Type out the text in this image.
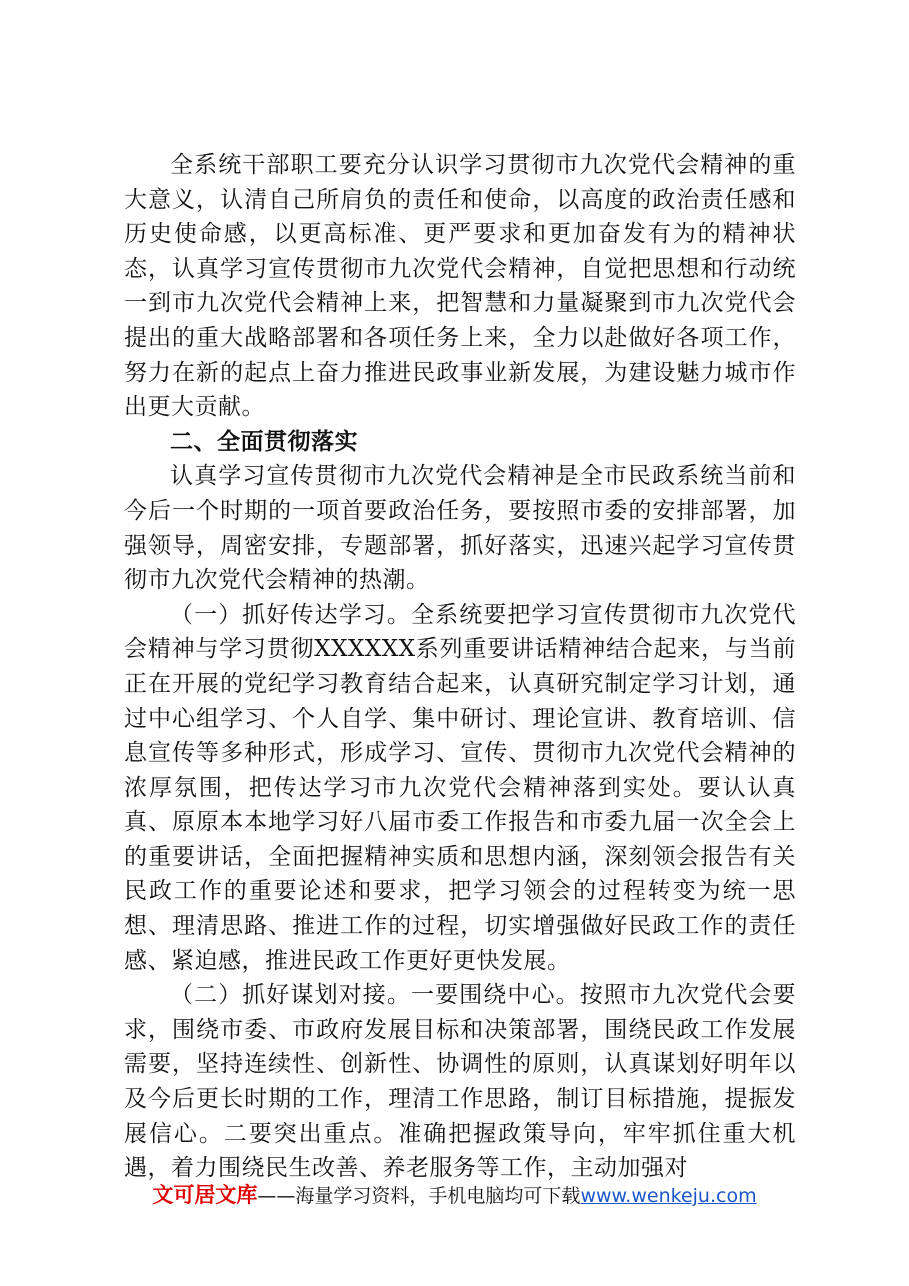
全系统干部职工要充分认识学习贯彻市九次党代会精神的重大意义，认清自己所肩负的责任和使命，以高度的政治责任感和历史使命感，以更高标准、更严要求和更加奋发有为的精神状态，认真学习宣传贯彻市九次党代会精神，自觉把思想和行动统一到市九次党代会精神上来，把智慧和力量凝聚到市九次党代会提出的重大战略部署和各项任务上来，全力以赴做好各项工作，努力在新的起点上奋力推进民政事业新发展，为建设魅力城市作出更大贡献。

二、全面贯彻落实

认真学习宣传贯彻市九次党代会精神是全市民政系统当前和今后一个时期的一项首要政治任务，要按照市委的安排部署，加强领导，周密安排，专题部署，抓好落实，迅速兴起学习宣传贯彻市九次党代会精神的热潮。

（一）抓好传达学习。全系统要把学习宣传贯彻市九次党代会精神与学习贯彻XXXXXX系列重要讲话精神结合起来，与当前正在开展的党纪学习教育结合起来，认真研究制定学习计划，通过中心组学习、个人自学、集中研讨、理论宣讲、教育培训、信息宣传等多种形式，形成学习、宣传、贯彻市九次党代会精神的浓厚氛围，把传达学习市九次党代会精神落到实处。要认认真真、原原本本地学习好八届市委工作报告和市委九届一次全会上的重要讲话，全面把握精神实质和思想内涵，深刻领会报告有关民政工作的重要论述和要求，把学习领会的过程转变为统一思想、理清思路、推进工作的过程，切实增强做好民政工作的责任感、紧迫感，推进民政工作更好更快发展。

（二）抓好谋划对接。一要围绕中心。按照市九次党代会要求，围绕市委、市政府发展目标和决策部署，围绕民政工作发展需要，坚持连续性、创新性、协调性的原则，认真谋划好明年以及今后更长时期的工作，理清工作思路，制订目标措施，提振发展信心。二要突出重点。准确把握政策导向，牢牢抓住重大机遇，着力围绕民生改善、养老服务等工作，主动加强对

文可居文库——海量学习资料，手机电脑均可下载www.wenkeju.com
